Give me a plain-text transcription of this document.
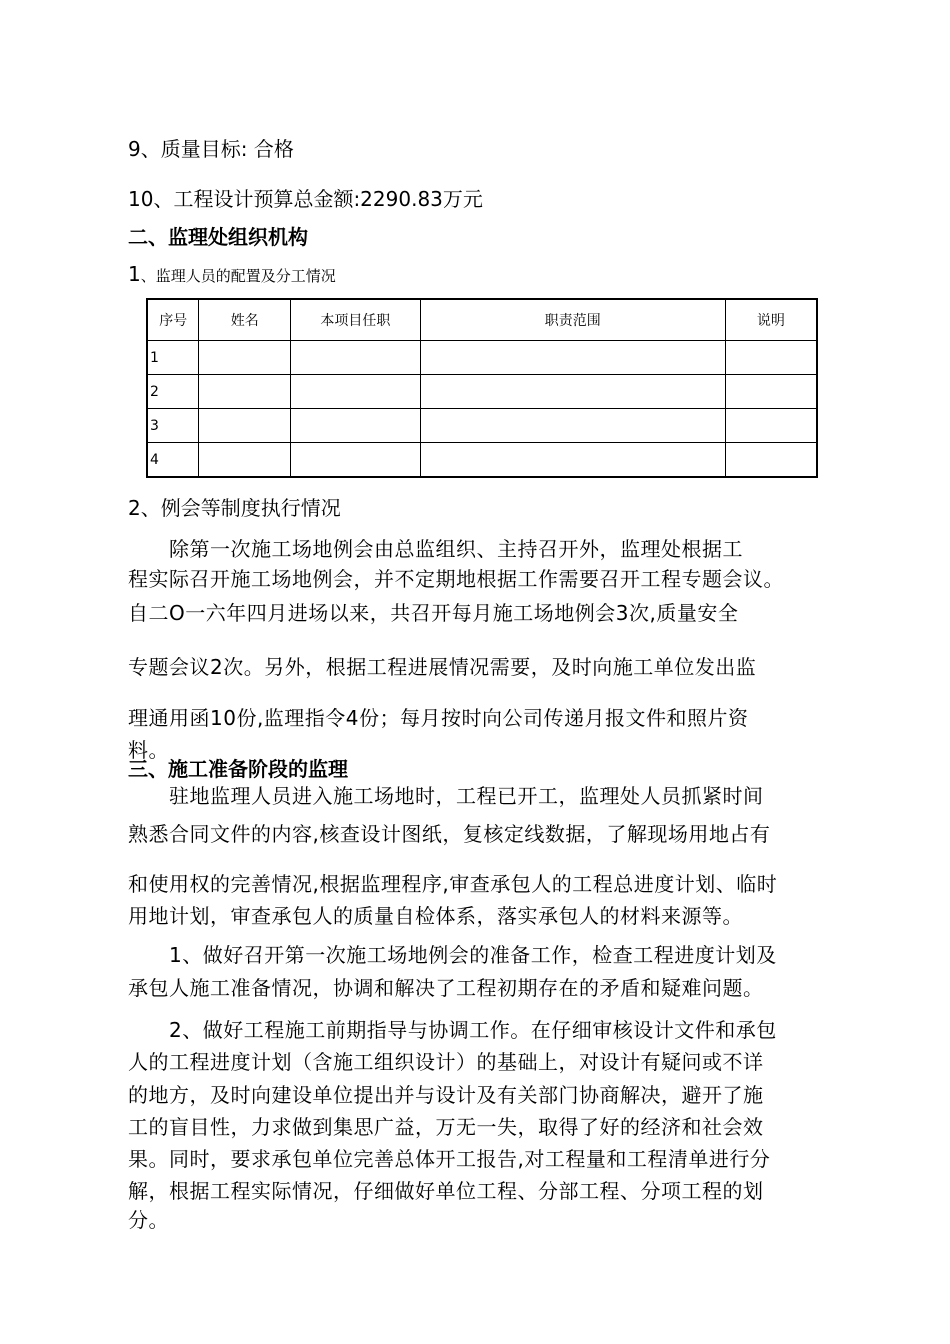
9、质量目标: 合格
10、工程设计预算总金额:2290.83万元
二、监理处组织机构
1、监理人员的配置及分工情况
序号	姓名	本项目任职	职责范围	说明
1				
2				
3				
4				
2、例会等制度执行情况
　　除第一次施工场地例会由总监组织、主持召开外，监理处根据工
程实际召开施工场地例会，并不定期地根据工作需要召开工程专题会议。
自二O一六年四月进场以来，共召开每月施工场地例会3次,质量安全
专题会议2次。另外，根据工程进展情况需要，及时向施工单位发出监
理通用函10份,监理指令4份；每月按时向公司传递月报文件和照片资
料。
三、施工准备阶段的监理
　　驻地监理人员进入施工场地时，工程已开工，监理处人员抓紧时间
熟悉合同文件的内容,核查设计图纸，复核定线数据，了解现场用地占有
和使用权的完善情况,根据监理程序,审查承包人的工程总进度计划、临时
用地计划，审查承包人的质量自检体系，落实承包人的材料来源等。
　　1、做好召开第一次施工场地例会的准备工作，检查工程进度计划及
承包人施工准备情况，协调和解决了工程初期存在的矛盾和疑难问题。
　　2、做好工程施工前期指导与协调工作。在仔细审核设计文件和承包
人的工程进度计划（含施工组织设计）的基础上，对设计有疑问或不详
的地方，及时向建设单位提出并与设计及有关部门协商解决，避开了施
工的盲目性，力求做到集思广益，万无一失，取得了好的经济和社会效
果。同时，要求承包单位完善总体开工报告,对工程量和工程清单进行分
解，根据工程实际情况，仔细做好单位工程、分部工程、分项工程的划
分。
